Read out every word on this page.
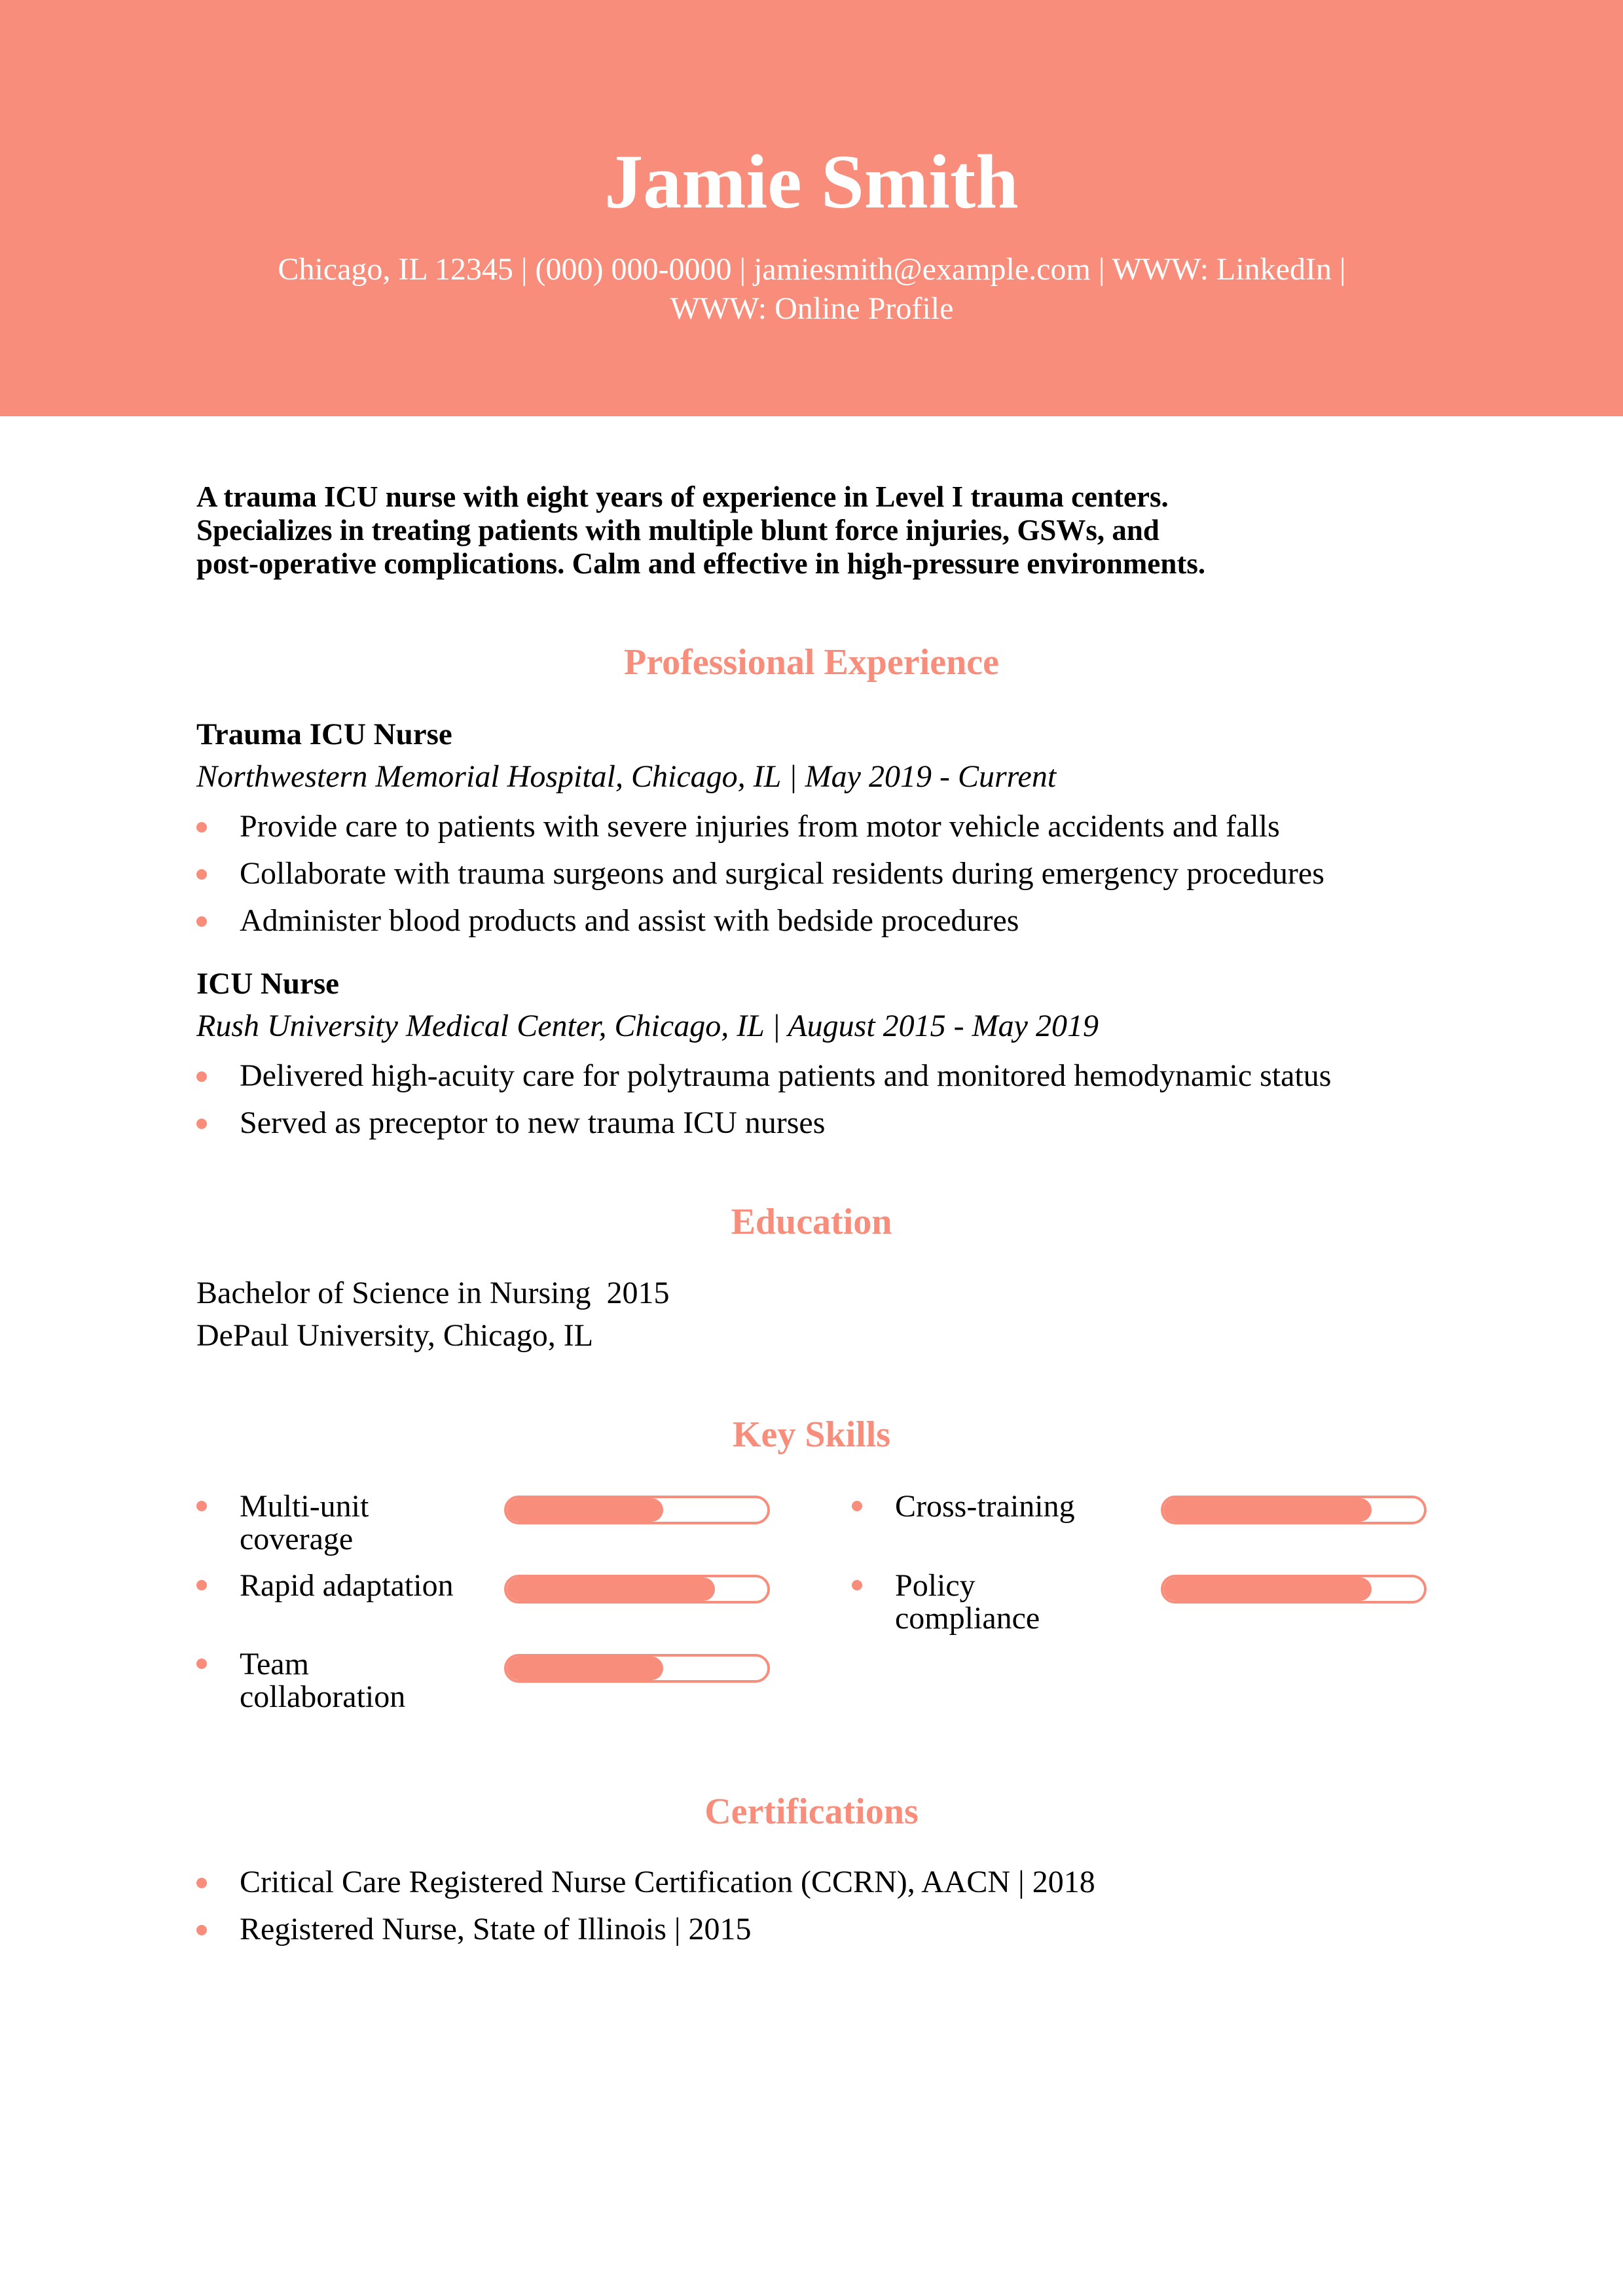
Jamie Smith
Chicago, IL 12345 | (000) 000-0000 | jamiesmith@example.com | WWW: LinkedIn |
WWW: Online Profile
A trauma ICU nurse with eight years of experience in Level I trauma centers.
Specializes in treating patients with multiple blunt force injuries, GSWs, and
post-operative complications. Calm and effective in high-pressure environments.
Professional Experience
Trauma ICU Nurse
Northwestern Memorial Hospital, Chicago, IL | May 2019 - Current
Provide care to patients with severe injuries from motor vehicle accidents and falls
Collaborate with trauma surgeons and surgical residents during emergency procedures
Administer blood products and assist with bedside procedures
ICU Nurse
Rush University Medical Center, Chicago, IL | August 2015 - May 2019
Delivered high-acuity care for polytrauma patients and monitored hemodynamic status
Served as preceptor to new trauma ICU nurses
Education
Bachelor of Science in Nursing  2015
DePaul University, Chicago, IL
Key Skills
Multi-unit
coverage
Cross-training
Rapid adaptation	Policy
compliance
Team
collaboration
Certifications
Critical Care Registered Nurse Certification (CCRN), AACN | 2018
Registered Nurse, State of Illinois | 2015
